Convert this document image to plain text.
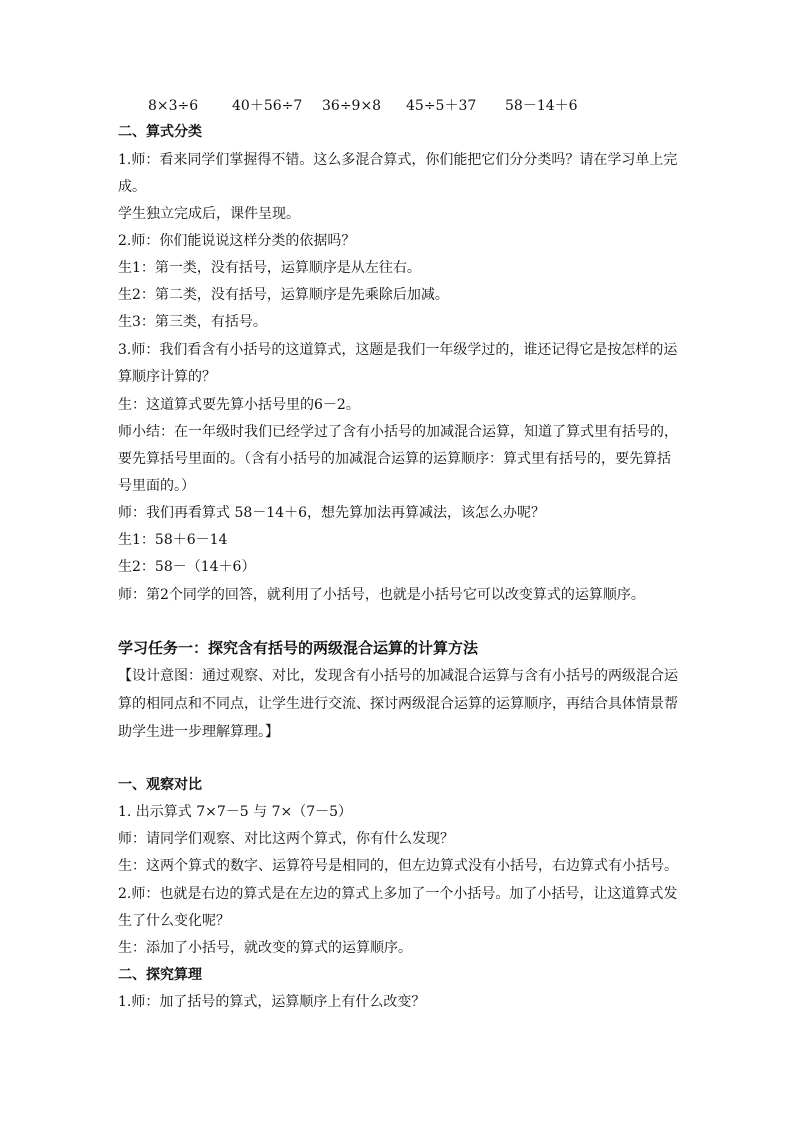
8×3÷6 40＋56÷7 36÷9×8 45÷5＋37 58－14＋6
二、算式分类
1.师：看来同学们掌握得不错。这么多混合算式，你们能把它们分分类吗？请在学习单上完
成。
学生独立完成后，课件呈现。
2.师：你们能说说这样分类的依据吗？
生1：第一类，没有括号，运算顺序是从左往右。
生2：第二类，没有括号，运算顺序是先乘除后加减。
生3：第三类，有括号。
3.师：我们看含有小括号的这道算式，这题是我们一年级学过的，谁还记得它是按怎样的运
算顺序计算的？
生：这道算式要先算小括号里的6－2。
师小结：在一年级时我们已经学过了含有小括号的加减混合运算，知道了算式里有括号的，
要先算括号里面的。（含有小括号的加减混合运算的运算顺序：算式里有括号的，要先算括
号里面的。）
师：我们再看算式 58－14＋6，想先算加法再算减法，该怎么办呢？
生1：58＋6－14
生2：58－（14＋6）
师：第2个同学的回答，就利用了小括号，也就是小括号它可以改变算式的运算顺序。
学习任务一：探究含有括号的两级混合运算的计算方法
【设计意图：通过观察、对比，发现含有小括号的加减混合运算与含有小括号的两级混合运
算的相同点和不同点，让学生进行交流、探讨两级混合运算的运算顺序，再结合具体情景帮
助学生进一步理解算理。】
一、观察对比
1. 出示算式 7×7－5 与 7×（7－5）
师：请同学们观察、对比这两个算式，你有什么发现？
生：这两个算式的数字、运算符号是相同的，但左边算式没有小括号，右边算式有小括号。
2.师：也就是右边的算式是在左边的算式上多加了一个小括号。加了小括号，让这道算式发
生了什么变化呢？
生：添加了小括号，就改变的算式的运算顺序。
二、探究算理
1.师：加了括号的算式，运算顺序上有什么改变？
